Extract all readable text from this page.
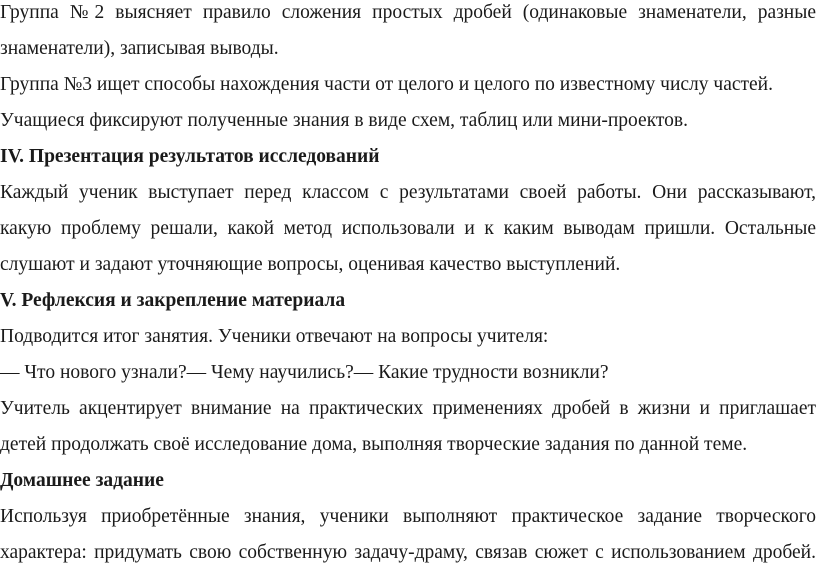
Группа №2 выясняет правило сложения простых дробей (одинаковые знаменатели, разные
знаменатели), записывая выводы.
Группа №3 ищет способы нахождения части от целого и целого по известному числу частей.
Учащиеся фиксируют полученные знания в виде схем, таблиц или мини-проектов.
IV. Презентация результатов исследований
Каждый ученик выступает перед классом с результатами своей работы. Они рассказывают,
какую проблему решали, какой метод использовали и к каким выводам пришли. Остальные
слушают и задают уточняющие вопросы, оценивая качество выступлений.
V. Рефлексия и закрепление материала
Подводится итог занятия. Ученики отвечают на вопросы учителя:
— Что нового узнали?— Чему научились?— Какие трудности возникли?
Учитель акцентирует внимание на практических применениях дробей в жизни и приглашает
детей продолжать своё исследование дома, выполняя творческие задания по данной теме.
Домашнее задание
Используя приобретённые знания, ученики выполняют практическое задание творческого
характера: придумать свою собственную задачу-драму, связав сюжет с использованием дробей.
